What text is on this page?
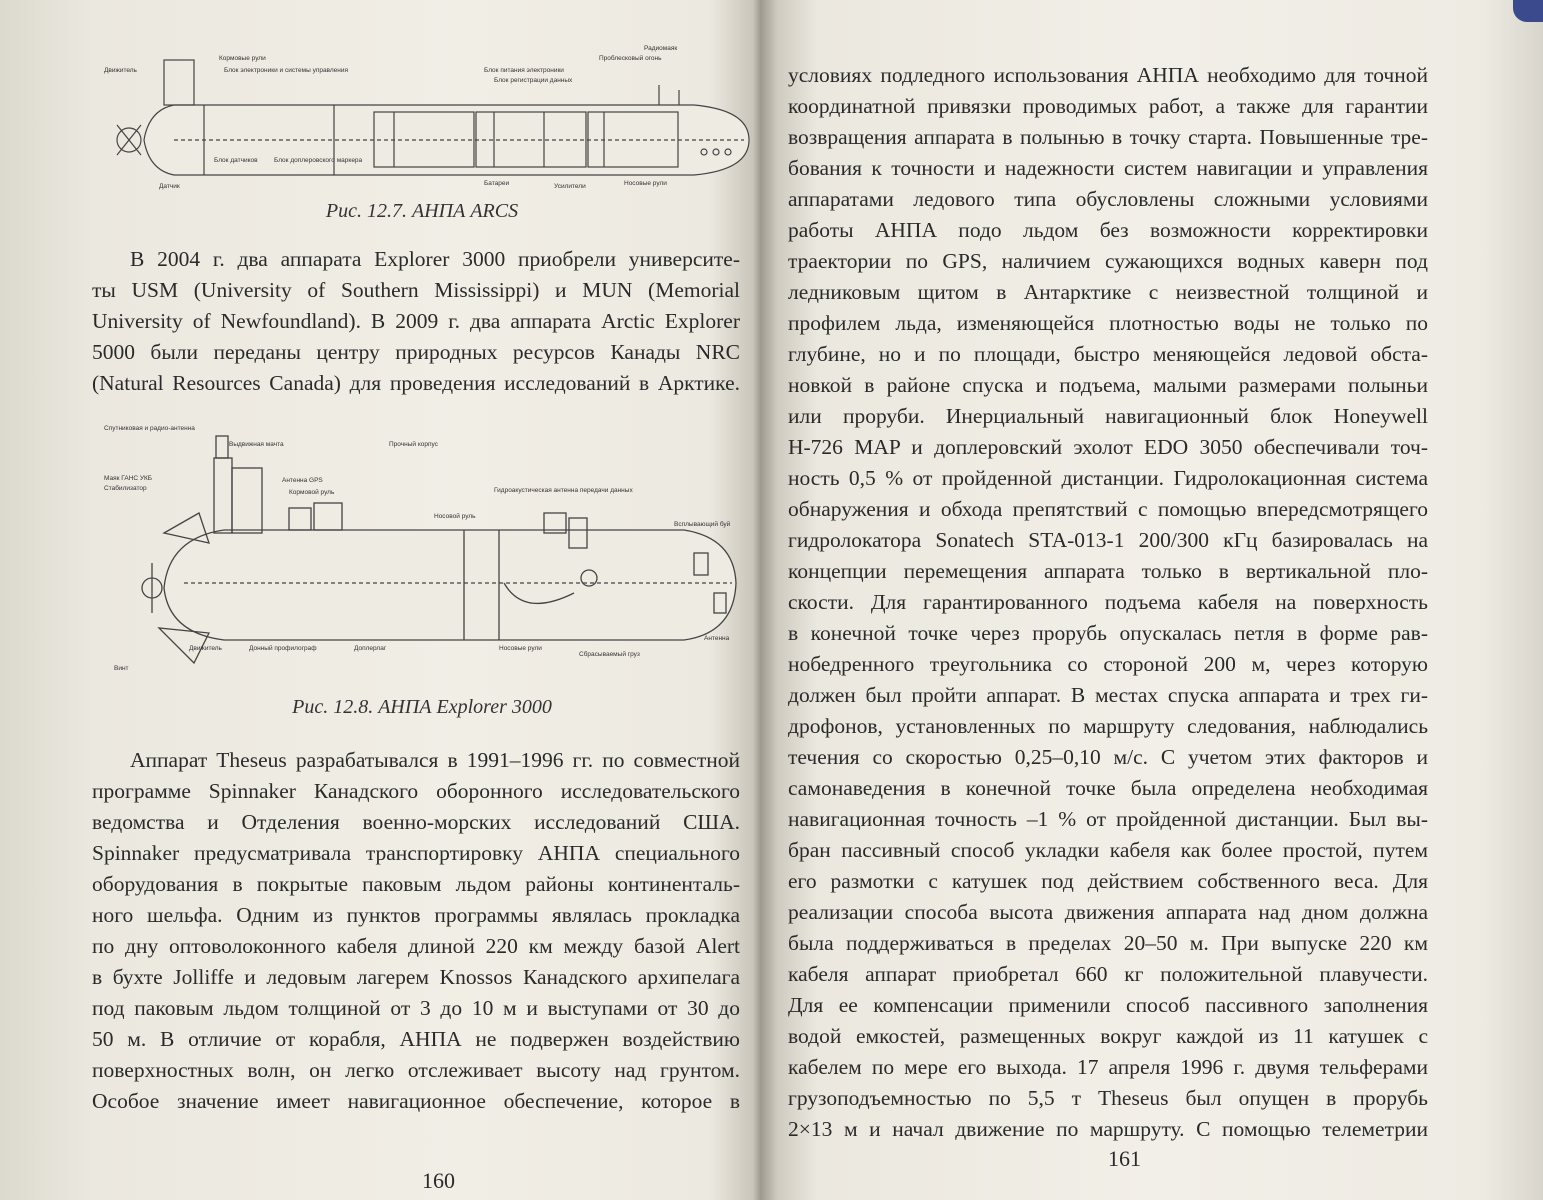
Движитель
Кормовые рули
Блок электроники и системы управления	Блок питания электроники
Блок регистрации данных
Проблесковый огонь
Радиомаяк
Датчик
Блок датчиков	Блок доплеровского маркера
Батареи	Усилители	Носовые рули
Рис. 12.7. АНПА ARCS

В 2004 г. два аппарата Explorer 3000 приобрели университе-

ты USM (University of Southern Mississippi) и MUN (Memorial

University of Newfoundland). В 2009 г. два аппарата Arctic Explorer

5000 были переданы центру природных ресурсов Канады NRC

(Natural Resources Canada) для проведения исследований в Арктике.

Спутниковая и радио-антенна
Выдвижная мачта	Прочный корпус
Маяк ГАНС УКБ
Стабилизатор
Антенна GPS
Кормовой руль	Гидроакустическая антенна передачи данных
Носовой руль
Всплывающий буй
Винт
Движитель	Донный профилограф	Доплерлаг	Носовые рули
Сбрасываемый груз
Антенна
Рис. 12.8. АНПА Explorer 3000

Аппарат Theseus разрабатывался в 1991–1996 гг. по совместной

программе Spinnaker Канадского оборонного исследовательского

ведомства и Отделения военно-морских исследований США.

Spinnaker предусматривала транспортировку АНПА специального

оборудования в покрытые паковым льдом районы континенталь-

ного шельфа. Одним из пунктов программы являлась прокладка

по дну оптоволоконного кабеля длиной 220 км между базой Alert

в бухте Jolliffe и ледовым лагерем Knossos Канадского архипелага

под паковым льдом толщиной от 3 до 10 м и выступами от 30 до

50 м. В отличие от корабля, АНПА не подвержен воздействию

поверхностных волн, он легко отслеживает высоту над грунтом.

Особое значение имеет навигационное обеспечение, которое в

160

условиях подледного использования АНПА необходимо для точной

координатной привязки проводимых работ, а также для гарантии

возвращения аппарата в полынью в точку старта. Повышенные тре-

бования к точности и надежности систем навигации и управления

аппаратами ледового типа обусловлены сложными условиями

работы АНПА подо льдом без возможности корректировки

траектории по GPS, наличием сужающихся водных каверн под

ледниковым щитом в Антарктике с неизвестной толщиной и

профилем льда, изменяющейся плотностью воды не только по

глубине, но и по площади, быстро меняющейся ледовой обста-

новкой в районе спуска и подъема, малыми размерами полыньи

или проруби. Инерциальный навигационный блок Honeywell

H-726 MAP и доплеровский эхолот EDO 3050 обеспечивали точ-

ность 0,5 % от пройденной дистанции. Гидролокационная система

обнаружения и обхода препятствий с помощью впередсмотрящего

гидролокатора Sonatech STA-013-1 200/300 кГц базировалась на

концепции перемещения аппарата только в вертикальной пло-

скости. Для гарантированного подъема кабеля на поверхность

в конечной точке через прорубь опускалась петля в форме рав-

нобедренного треугольника со стороной 200 м, через которую

должен был пройти аппарат. В местах спуска аппарата и трех ги-

дрофонов, установленных по маршруту следования, наблюдались

течения со скоростью 0,25–0,10 м/с. С учетом этих факторов и

самонаведения в конечной точке была определена необходимая

навигационная точность –1 % от пройденной дистанции. Был вы-

бран пассивный способ укладки кабеля как более простой, путем

его размотки с катушек под действием собственного веса. Для

реализации способа высота движения аппарата над дном должна

была поддерживаться в пределах 20–50 м. При выпуске 220 км

кабеля аппарат приобретал 660 кг положительной плавучести.

Для ее компенсации применили способ пассивного заполнения

водой емкостей, размещенных вокруг каждой из 11 катушек с

кабелем по мере его выхода. 17 апреля 1996 г. двумя тельферами

грузоподъемностью по 5,5 т Theseus был опущен в прорубь

2×13 м и начал движение по маршруту. С помощью телеметрии

161
